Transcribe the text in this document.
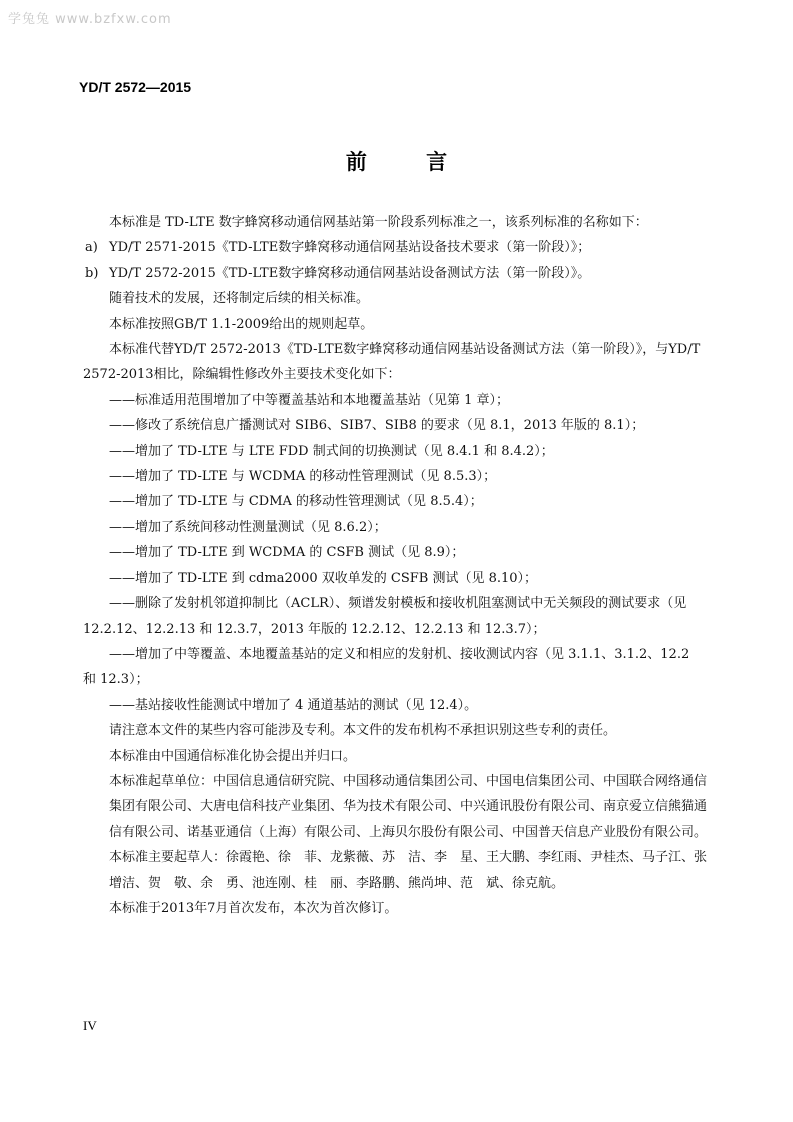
学兔兔 www.bzfxw.com
YD/T 2572—2015
前 言

本标准是 TD-LTE 数字蜂窝移动通信网基站第一阶段系列标准之一，该系列标准的名称如下：

a) YD/T 2571-2015《TD-LTE数字蜂窝移动通信网基站设备技术要求（第一阶段）》；

b) YD/T 2572-2015《TD-LTE数字蜂窝移动通信网基站设备测试方法（第一阶段）》。

随着技术的发展，还将制定后续的相关标准。

本标准按照GB/T 1.1-2009给出的规则起草。

本标准代替YD/T 2572-2013《TD-LTE数字蜂窝移动通信网基站设备测试方法（第一阶段）》，与YD/T

2572-2013相比，除编辑性修改外主要技术变化如下：

——标准适用范围增加了中等覆盖基站和本地覆盖基站（见第 1 章）；

——修改了系统信息广播测试对 SIB6、SIB7、SIB8 的要求（见 8.1，2013 年版的 8.1）；

——增加了 TD-LTE 与 LTE FDD 制式间的切换测试（见 8.4.1 和 8.4.2）；

——增加了 TD-LTE 与 WCDMA 的移动性管理测试（见 8.5.3）；

——增加了 TD-LTE 与 CDMA 的移动性管理测试（见 8.5.4）；

——增加了系统间移动性测量测试（见 8.6.2）；

——增加了 TD-LTE 到 WCDMA 的 CSFB 测试（见 8.9）；

——增加了 TD-LTE 到 cdma2000 双收单发的 CSFB 测试（见 8.10）；

——删除了发射机邻道抑制比（ACLR）、频谱发射模板和接收机阻塞测试中无关频段的测试要求（见

12.2.12、12.2.13 和 12.3.7，2013 年版的 12.2.12、12.2.13 和 12.3.7）；

——增加了中等覆盖、本地覆盖基站的定义和相应的发射机、接收测试内容（见 3.1.1、3.1.2、12.2

和 12.3）；

——基站接收性能测试中增加了 4 通道基站的测试（见 12.4）。

请注意本文件的某些内容可能涉及专利。本文件的发布机构不承担识别这些专利的责任。

本标准由中国通信标准化协会提出并归口。

本标准起草单位：中国信息通信研究院、中国移动通信集团公司、中国电信集团公司、中国联合网络通信集团有限公司、大唐电信科技产业集团、华为技术有限公司、中兴通讯股份有限公司、南京爱立信熊猫通信有限公司、诺基亚通信（上海）有限公司、上海贝尔股份有限公司、中国普天信息产业股份有限公司。

本标准主要起草人：徐霞艳、徐　菲、龙紫薇、苏　洁、李　星、王大鹏、李红雨、尹桂杰、马子江、张增洁、贺　敬、余　勇、池连刚、桂　丽、李路鹏、熊尚坤、范　斌、徐克航。

本标准于2013年7月首次发布，本次为首次修订。

IV
